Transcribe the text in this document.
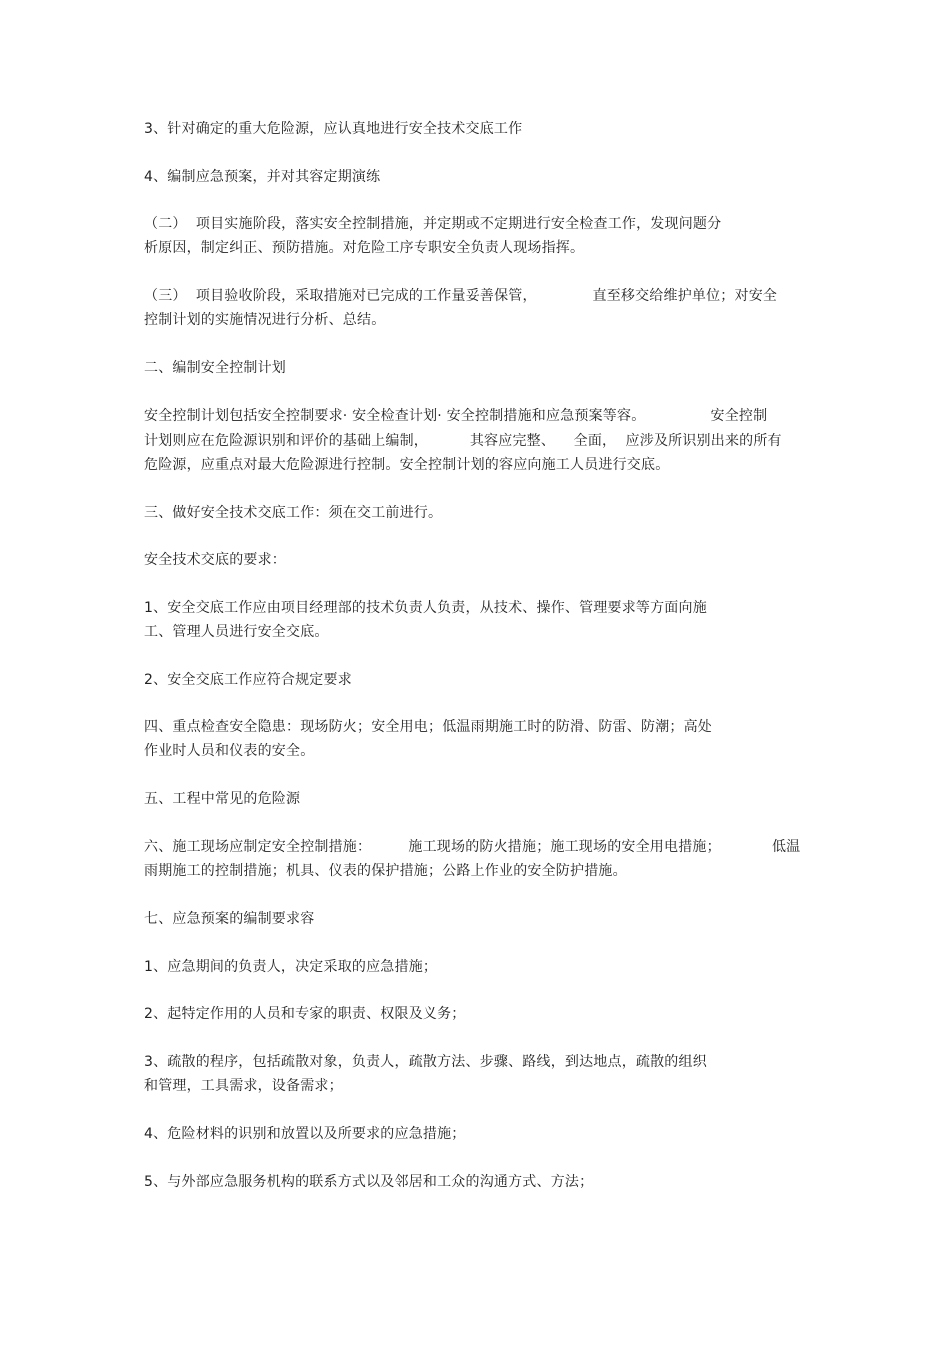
3、针对确定的重大危险源，应认真地进行安全技术交底工作
4、编制应急预案，并对其容定期演练
（二）  项目实施阶段，落实安全控制措施，并定期或不定期进行安全检查工作，发现问题分
析原因，制定纠正、预防措施。对危险工序专职安全负责人现场指挥。
（三）  项目验收阶段，采取措施对已完成的工作量妥善保管，            直至移交给维护单位；对安全
控制计划的实施情况进行分析、总结。
二、编制安全控制计划
安全控制计划包括安全控制要求· 安全检查计划· 安全控制措施和应急预案等容。              安全控制
计划则应在危险源识别和评价的基础上编制，         其容应完整、    全面，  应涉及所识别出来的所有
危险源，应重点对最大危险源进行控制。安全控制计划的容应向施工人员进行交底。
三、做好安全技术交底工作：须在交工前进行。
安全技术交底的要求：
1、安全交底工作应由项目经理部的技术负责人负责，从技术、操作、管理要求等方面向施
工、管理人员进行安全交底。
2、安全交底工作应符合规定要求
四、重点检查安全隐患：现场防火；安全用电；低温雨期施工时的防滑、防雷、防潮；高处
作业时人员和仪表的安全。
五、工程中常见的危险源
六、施工现场应制定安全控制措施：        施工现场的防火措施；施工现场的安全用电措施；           低温
雨期施工的控制措施；机具、仪表的保护措施；公路上作业的安全防护措施。
七、应急预案的编制要求容
1、应急期间的负责人，决定采取的应急措施；
2、起特定作用的人员和专家的职责、权限及义务；
3、疏散的程序，包括疏散对象，负责人，疏散方法、步骤、路线，到达地点，疏散的组织
和管理，工具需求，设备需求；
4、危险材料的识别和放置以及所要求的应急措施；
5、与外部应急服务机构的联系方式以及邻居和工众的沟通方式、方法；
